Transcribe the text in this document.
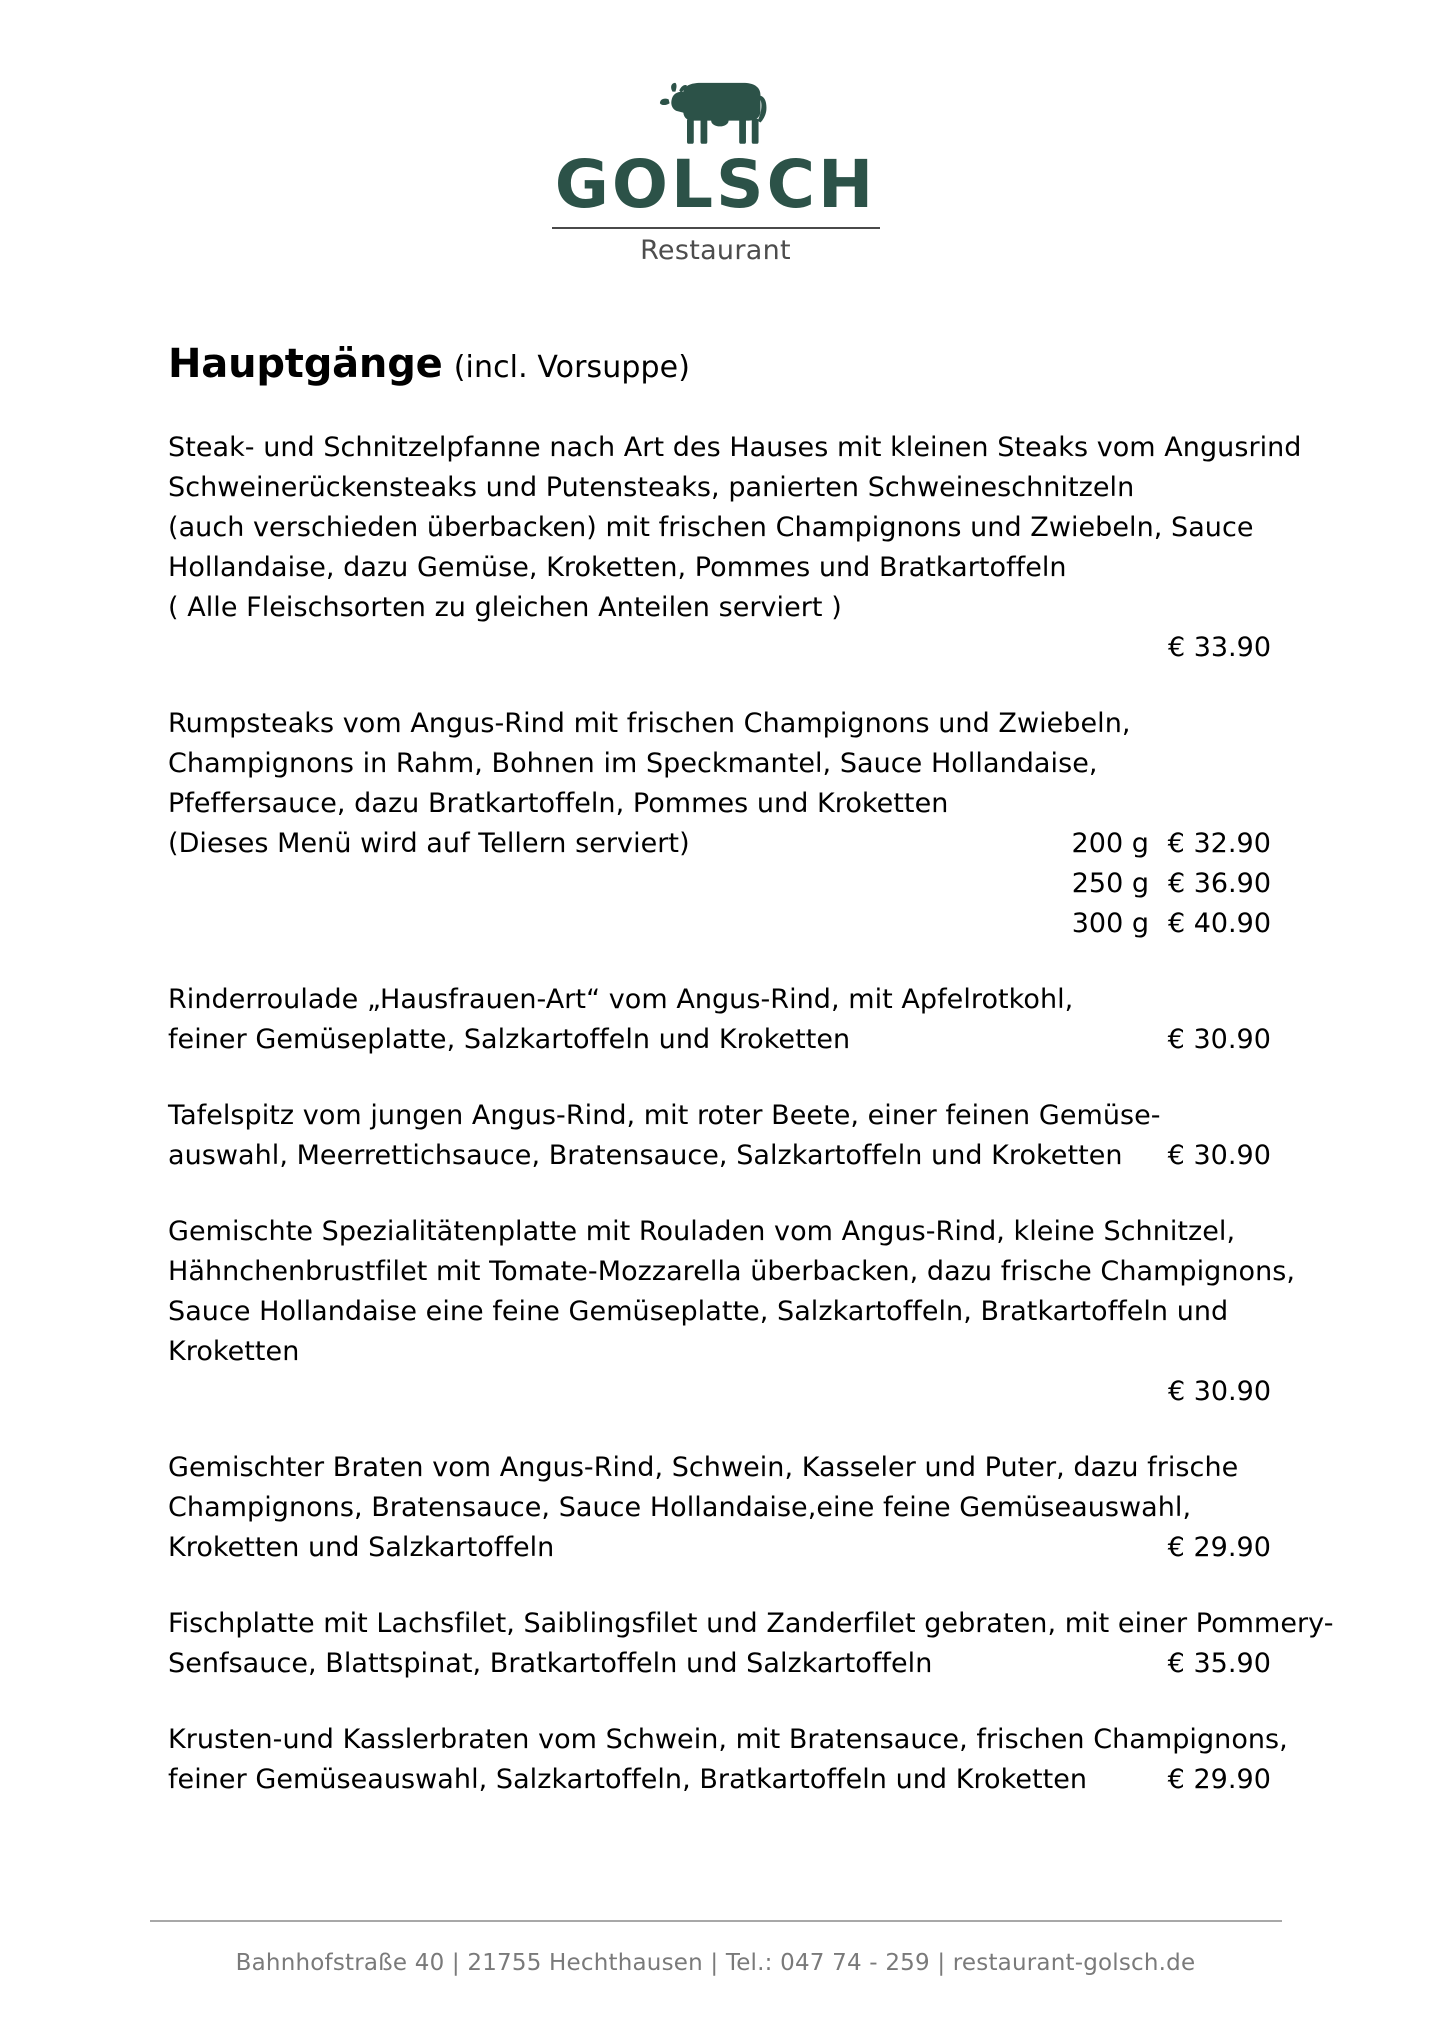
GOLSCH
Restaurant
Hauptgänge (incl. Vorsuppe)
Steak- und Schnitzelpfanne nach Art des Hauses mit kleinen Steaks vom Angusrind
Schweinerückensteaks und Putensteaks, panierten Schweineschnitzeln
(auch verschieden überbacken) mit frischen Champignons und Zwiebeln, Sauce
Hollandaise, dazu Gemüse, Kroketten, Pommes und Bratkartoffeln
( Alle Fleischsorten zu gleichen Anteilen serviert )
€ 33.90
Rumpsteaks vom Angus-Rind mit frischen Champignons und Zwiebeln,
Champignons in Rahm, Bohnen im Speckmantel, Sauce Hollandaise,
Pfeffersauce, dazu Bratkartoffeln, Pommes und Kroketten
(Dieses Menü wird auf Tellern serviert)	200 g € 32.90
250 g € 36.90
300 g € 40.90
Rinderroulade „Hausfrauen-Art“ vom Angus-Rind, mit Apfelrotkohl,
feiner Gemüseplatte, Salzkartoffeln und Kroketten	€ 30.90
Tafelspitz vom jungen Angus-Rind, mit roter Beete, einer feinen Gemüse-
auswahl, Meerrettichsauce, Bratensauce, Salzkartoffeln und Kroketten	€ 30.90
Gemischte Spezialitätenplatte mit Rouladen vom Angus-Rind, kleine Schnitzel,
Hähnchenbrustfilet mit Tomate-Mozzarella überbacken, dazu frische Champignons,
Sauce Hollandaise eine feine Gemüseplatte, Salzkartoffeln, Bratkartoffeln und
Kroketten
€ 30.90
Gemischter Braten vom Angus-Rind, Schwein, Kasseler und Puter, dazu frische
Champignons, Bratensauce, Sauce Hollandaise,eine feine Gemüseauswahl,
Kroketten und Salzkartoffeln	€ 29.90
Fischplatte mit Lachsfilet, Saiblingsfilet und Zanderfilet gebraten, mit einer Pommery-
Senfsauce, Blattspinat, Bratkartoffeln und Salzkartoffeln	€ 35.90
Krusten-und Kasslerbraten vom Schwein, mit Bratensauce, frischen Champignons,
feiner Gemüseauswahl, Salzkartoffeln, Bratkartoffeln und Kroketten	€ 29.90
Bahnhofstraße 40 | 21755 Hechthausen | Tel.: 047 74 - 259 | restaurant-golsch.de
